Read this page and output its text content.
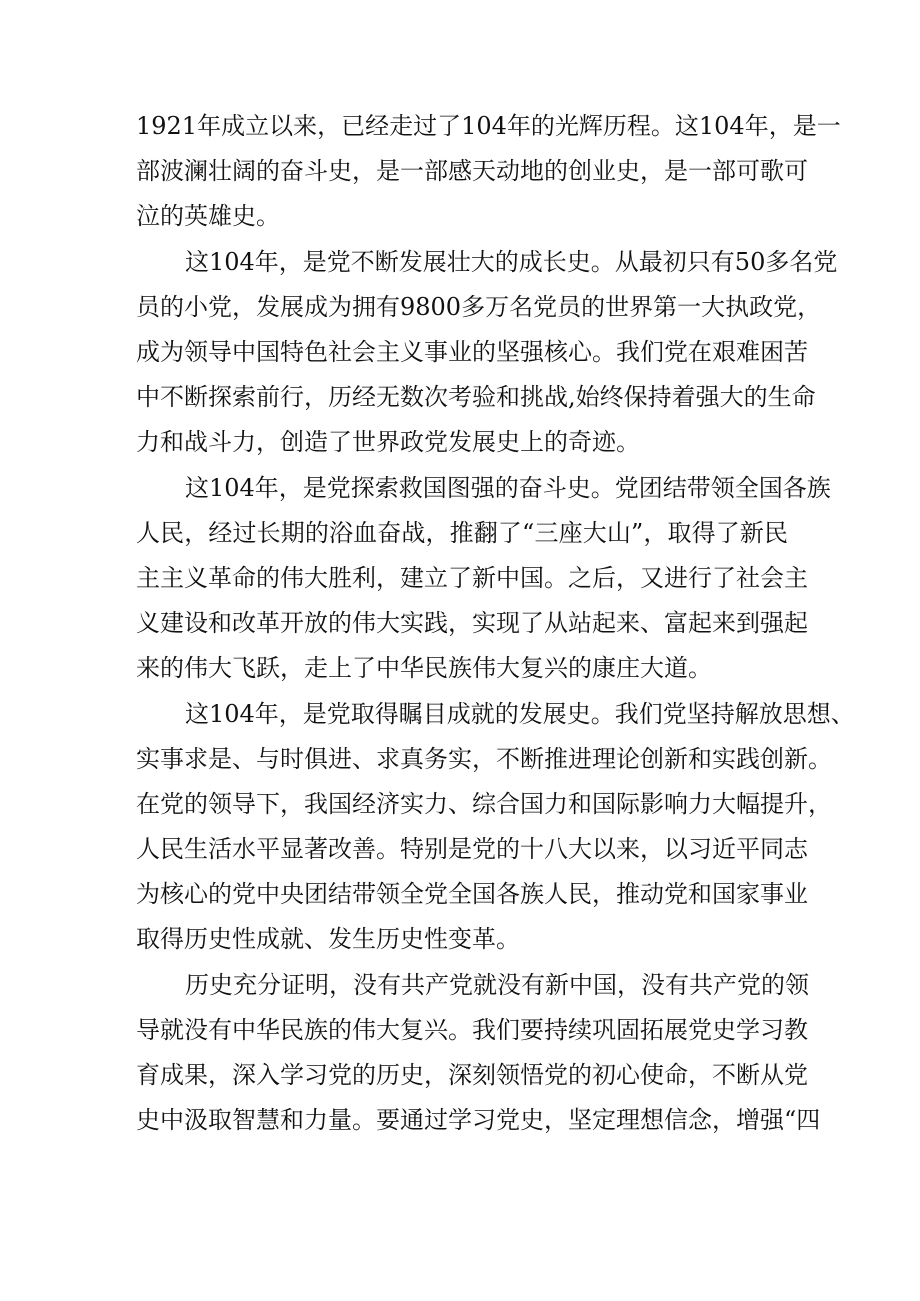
1921年成立以来，已经走过了104年的光辉历程。这104年，是一
部波澜壮阔的奋斗史，是一部感天动地的创业史，是一部可歌可
泣的英雄史。
这104年，是党不断发展壮大的成长史。从最初只有50多名党
员的小党，发展成为拥有9800多万名党员的世界第一大执政党，
成为领导中国特色社会主义事业的坚强核心。我们党在艰难困苦
中不断探索前行，历经无数次考验和挑战,始终保持着强大的生命
力和战斗力，创造了世界政党发展史上的奇迹。
这104年，是党探索救国图强的奋斗史。党团结带领全国各族
人民，经过长期的浴血奋战，推翻了“三座大山”，取得了新民
主主义革命的伟大胜利，建立了新中国。之后，又进行了社会主
义建设和改革开放的伟大实践，实现了从站起来、富起来到强起
来的伟大飞跃，走上了中华民族伟大复兴的康庄大道。
这104年，是党取得瞩目成就的发展史。我们党坚持解放思想、
实事求是、与时俱进、求真务实，不断推进理论创新和实践创新。
在党的领导下，我国经济实力、综合国力和国际影响力大幅提升，
人民生活水平显著改善。特别是党的十八大以来，以习近平同志
为核心的党中央团结带领全党全国各族人民，推动党和国家事业
取得历史性成就、发生历史性变革。
历史充分证明，没有共产党就没有新中国，没有共产党的领
导就没有中华民族的伟大复兴。我们要持续巩固拓展党史学习教
育成果，深入学习党的历史，深刻领悟党的初心使命，不断从党
史中汲取智慧和力量。要通过学习党史，坚定理想信念，增强“四
